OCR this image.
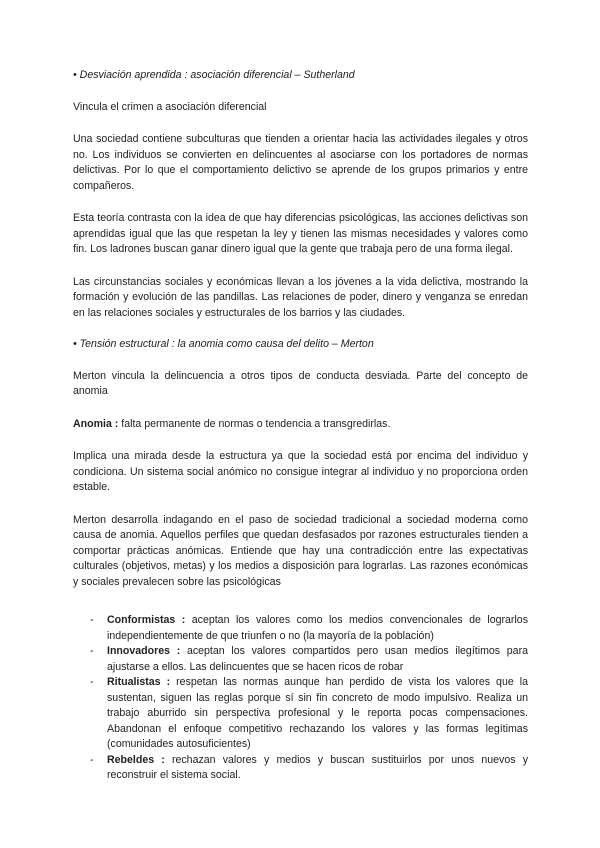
• Desviación aprendida : asociación diferencial – Sutherland

Vincula el crimen a asociación diferencial

Una sociedad contiene subculturas que tienden a orientar hacia las actividades ilegales y otros no. Los individuos se convierten en delincuentes al asociarse con los portadores de normas delictivas. Por lo que el comportamiento delictivo se aprende de los grupos primarios y entre compañeros.

Esta teoría contrasta con la idea de que hay diferencias psicológicas, las acciones delictivas son aprendidas igual que las que respetan la ley y tienen las mismas necesidades y valores como fin. Los ladrones buscan ganar dinero igual que la gente que trabaja pero de una forma ilegal.

Las circunstancias sociales y económicas llevan a los jóvenes a la vida delictiva, mostrando la formación y evolución de las pandillas. Las relaciones de poder, dinero y venganza se enredan en las relaciones sociales y estructurales de los barrios y las ciudades.

• Tensión estructural : la anomia como causa del delito – Merton

Merton vincula la delincuencia a otros tipos de conducta desviada. Parte del concepto de anomia

Anomia : falta permanente de normas o tendencia a transgredirlas.

Implica una mirada desde la estructura ya que la sociedad está por encima del individuo y condiciona. Un sistema social anómico no consigue integrar al individuo y no proporciona orden estable.

Merton desarrolla indagando en el paso de sociedad tradicional a sociedad moderna como causa de anomia. Aquellos perfiles que quedan desfasados por razones estructurales tienden a comportar prácticas anómicas. Entiende que hay una contradicción entre las expectativas culturales (objetivos, metas) y los medios a disposición para lograrlas. Las razones económicas y sociales prevalecen sobre las psicológicas

- Conformistas : aceptan los valores como los medios convencionales de lograrlos independientemente de que triunfen o no (la mayoría de la población)
- Innovadores : aceptan los valores compartidos pero usan medios ilegítimos para ajustarse a ellos. Las delincuentes que se hacen ricos de robar
- Ritualistas : respetan las normas aunque han perdido de vista los valores que la sustentan, siguen las reglas porque sí sin fin concreto de modo impulsivo. Realiza un trabajo aburrido sin perspectiva profesional y le reporta pocas compensaciones. Abandonan el enfoque competitivo rechazando los valores y las formas legítimas (comunidades autosuficientes)
- Rebeldes : rechazan valores y medios y buscan sustituirlos por unos nuevos y reconstruir el sistema social.
